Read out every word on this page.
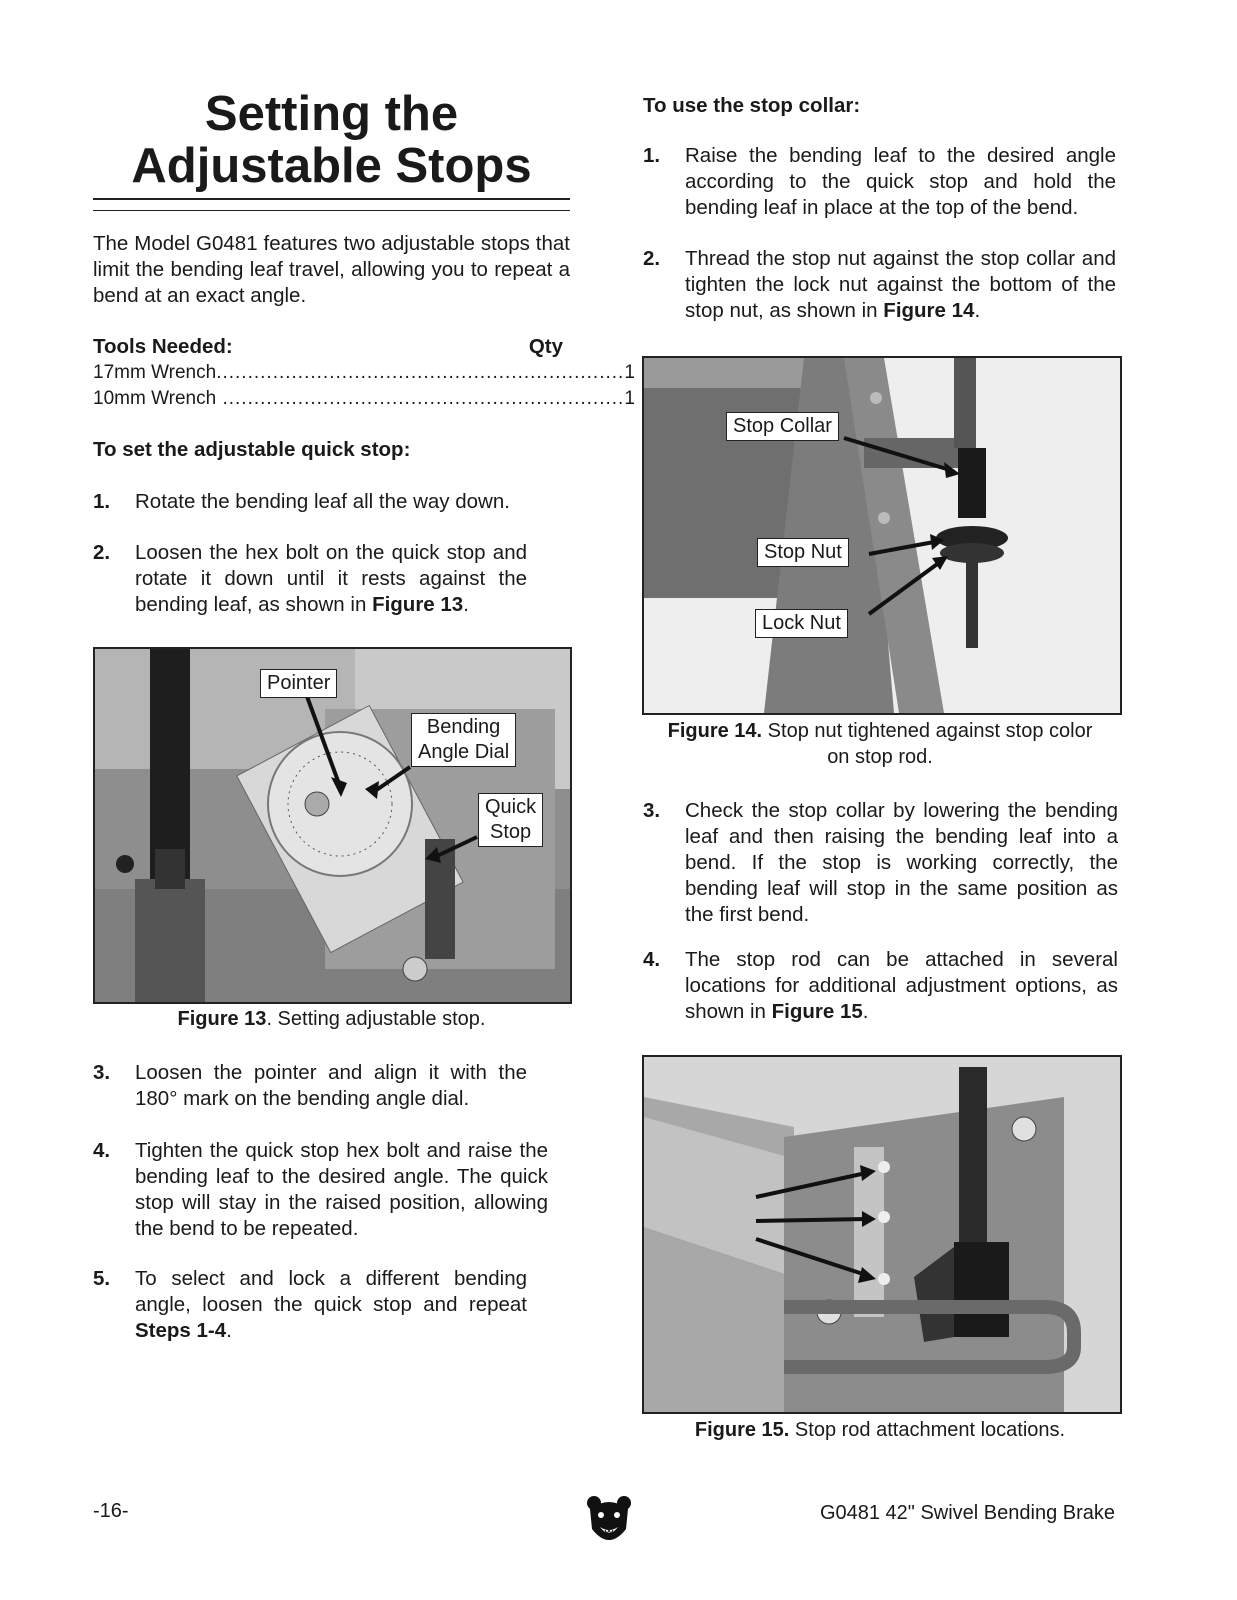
Setting the
Adjustable Stops
The Model G0481 features two adjustable stops that limit the bending leaf travel, allowing you to repeat a bend at an exact angle.
Tools Needed:	Qty
17mm Wrench ................................................................. 1
10mm Wrench ................................................................ 1
To set the adjustable quick stop:
1.	Rotate the bending leaf all the way down.
2.	Loosen the hex bolt on the quick stop and rotate it down until it rests against the bending leaf, as shown in Figure 13.
Pointer
Bending
Angle Dial
Quick
Stop
Figure 13. Setting adjustable stop.
3.	Loosen the pointer and align it with the 180° mark on the bending angle dial.
4.	Tighten the quick stop hex bolt and raise the bending leaf to the desired angle. The quick stop will stay in the raised position, allowing the bend to be repeated.
5.	To select and lock a different bending angle, loosen the quick stop and repeat Steps 1-4.
To use the stop collar:
1.	Raise the bending leaf to the desired angle according to the quick stop and hold the bending leaf in place at the top of the bend.
2.	Thread the stop nut against the stop collar and tighten the lock nut against the bottom of the stop nut, as shown in Figure 14.
Stop Collar
Stop Nut
Lock Nut
Figure 14. Stop nut tightened against stop color
on stop rod.
3.	Check the stop collar by lowering the bending leaf and then raising the bending leaf into a bend. If the stop is working correctly, the bending leaf will stop in the same position as the first bend.
4.	The stop rod can be attached in several locations for additional adjustment options, as shown in Figure 15.
Figure 15. Stop rod attachment locations.
-16-	G0481 42" Swivel Bending Brake
